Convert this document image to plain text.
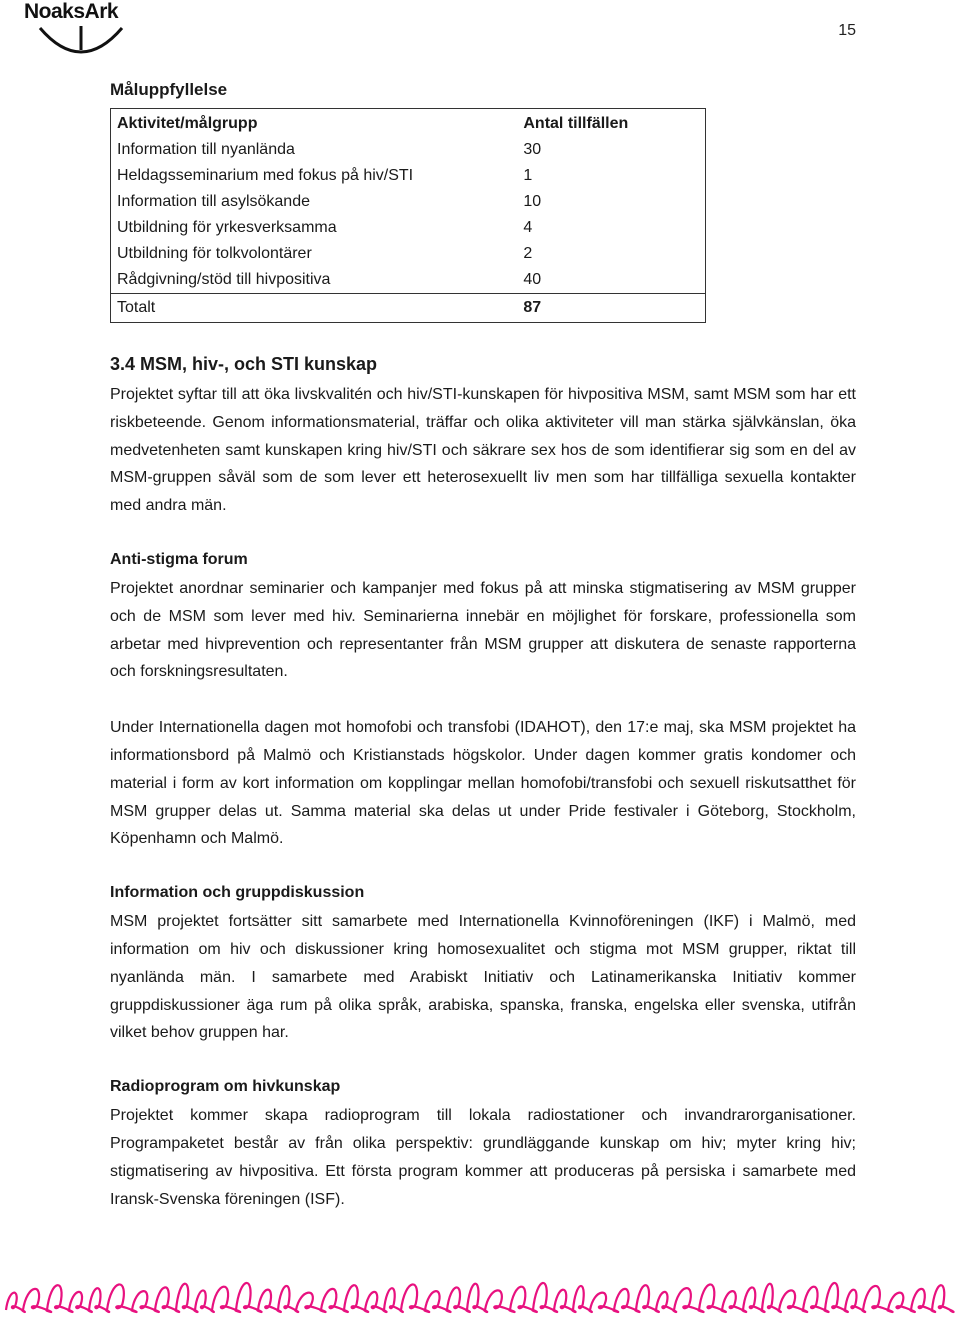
NoaksArk
15
Måluppfyllelse
Aktivitet/målgrupp	Antal tillfällen
Information till nyanlända	30
Heldagsseminarium med fokus på hiv/STI	1
Information till asylsökande	10
Utbildning för yrkesverksamma	4
Utbildning för tolkvolontärer	2
Rådgivning/stöd till hivpositiva	40
Totalt	87
3.4 MSM, hiv-, och STI kunskap

Projektet syftar till att öka livskvalitén och hiv/STI-kunskapen för hivpositiva MSM, samt MSM som har ett riskbeteende. Genom informationsmaterial, träffar och olika aktiviteter vill man stärka självkänslan, öka medvetenheten samt kunskapen kring hiv/STI och säkrare sex hos de som identifierar sig som en del av MSM-gruppen såväl som de som lever ett heterosexuellt liv men som har tillfälliga sexuella kontakter med andra män.

Anti-stigma forum

Projektet anordnar seminarier och kampanjer med fokus på att minska stigmatisering av MSM grupper och de MSM som lever med hiv. Seminarierna innebär en möjlighet för forskare, professionella som arbetar med hivprevention och representanter från MSM grupper att diskutera de senaste rapporterna och forskningsresultaten.

Under Internationella dagen mot homofobi och transfobi (IDAHOT), den 17:e maj, ska MSM projektet ha informationsbord på Malmö och Kristianstads högskolor. Under dagen kommer gratis kondomer och material i form av kort information om kopplingar mellan homofobi/transfobi och sexuell riskutsatthet för MSM grupper delas ut. Samma material ska delas ut under Pride festivaler i Göteborg, Stockholm, Köpenhamn och Malmö.

Information och gruppdiskussion

MSM projektet fortsätter sitt samarbete med Internationella Kvinnoföreningen (IKF) i Malmö, med information om hiv och diskussioner kring homosexualitet och stigma mot MSM grupper, riktat till nyanlända män. I samarbete med Arabiskt Initiativ och Latinamerikanska Initiativ kommer gruppdiskussioner äga rum på olika språk, arabiska, spanska, franska, engelska eller svenska, utifrån vilket behov gruppen har.

Radioprogram om hivkunskap

Projektet kommer skapa radioprogram till lokala radiostationer och invandrarorganisationer. Programpaketet består av från olika perspektiv: grundläggande kunskap om hiv; myter kring hiv; stigmatisering av hivpositiva. Ett första program kommer att produceras på persiska i samarbete med Iransk-Svenska föreningen (ISF).
